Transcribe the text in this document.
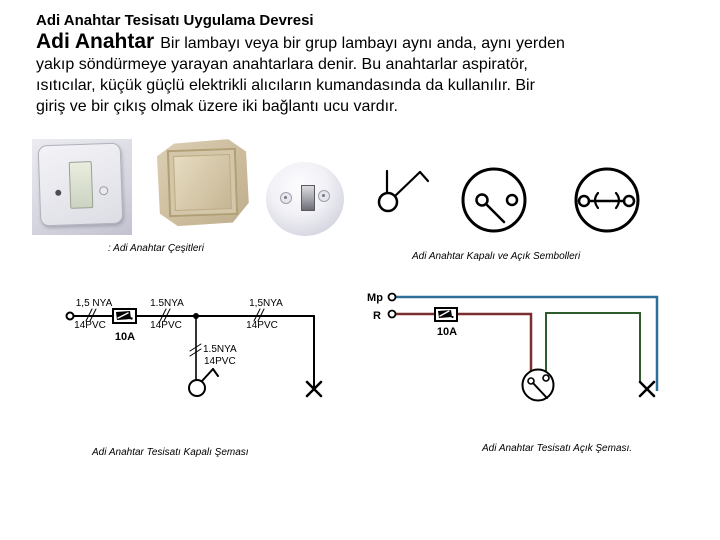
Adi Anahtar Tesisatı Uygulama Devresi

Adi Anahtar Bir lambayı veya bir grup lambayı aynı anda, aynı yerden
yakıp söndürmeye yarayan anahtarlara denir. Bu anahtarlar aspiratör,
ısıtıcılar, küçük güçlü elektrikli alıcıların kumandasında da kullanılır. Bir
giriş ve bir çıkış olmak üzere iki bağlantı ucu vardır.

: Adi Anahtar Çeşitleri
Adi Anahtar Kapalı ve Açık Sembolleri
1,5 NYA
14PVC
10A
1.5NYA
14PVC
1,5NYA
14PVC
1.5NYA
14PVC
Adi Anahtar Tesisatı Kapalı Şeması
Mp
R
10A
Adi Anahtar Tesisatı Açık Şeması.
